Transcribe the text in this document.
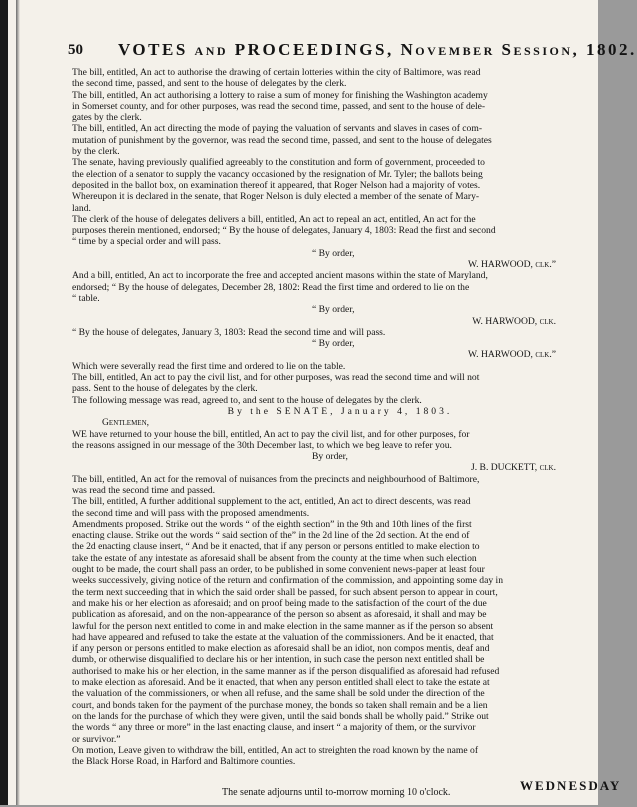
50 VOTES and PROCEEDINGS, November Session, 1802.
The bill, entitled, An act to authorise the drawing of certain lotteries within the city of Baltimore, was read
the second time, passed, and sent to the house of delegates by the clerk.
The bill, entitled, An act authorising a lottery to raise a sum of money for finishing the Washington academy
in Somerset county, and for other purposes, was read the second time, passed, and sent to the house of dele-
gates by the clerk.
The bill, entitled, An act directing the mode of paying the valuation of servants and slaves in cases of com-
mutation of punishment by the governor, was read the second time, passed, and sent to the house of delegates
by the clerk.
The senate, having previously qualified agreeably to the constitution and form of government, proceeded to
the election of a senator to supply the vacancy occasioned by the resignation of Mr. Tyler; the ballots being
deposited in the ballot box, on examination thereof it appeared, that Roger Nelson had a majority of votes.
Whereupon it is declared in the senate, that Roger Nelson is duly elected a member of the senate of Mary-
land.
The clerk of the house of delegates delivers a bill, entitled, An act to repeal an act, entitled, An act for the
purposes therein mentioned, endorsed; “ By the house of delegates, January 4, 1803: Read the first and second
“ time by a special order and will pass.
“ By order,
W. HARWOOD, clk.”
And a bill, entitled, An act to incorporate the free and accepted ancient masons within the state of Maryland,
endorsed; “ By the house of delegates, December 28, 1802: Read the first time and ordered to lie on the
“ table.
“ By order,
W. HARWOOD, clk.
“ By the house of delegates, January 3, 1803: Read the second time and will pass.
“ By order,
W. HARWOOD, clk.”
Which were severally read the first time and ordered to lie on the table.
The bill, entitled, An act to pay the civil list, and for other purposes, was read the second time and will not
pass. Sent to the house of delegates by the clerk.
The following message was read, agreed to, and sent to the house of delegates by the clerk.
By the SENATE, January 4, 1803.
Gentlemen,
WE have returned to your house the bill, entitled, An act to pay the civil list, and for other purposes, for
the reasons assigned in our message of the 30th December last, to which we beg leave to refer you.
By order,
J. B. DUCKETT, clk.
The bill, entitled, An act for the removal of nuisances from the precincts and neighbourhood of Baltimore,
was read the second time and passed.
The bill, entitled, A further additional supplement to the act, entitled, An act to direct descents, was read
the second time and will pass with the proposed amendments.
Amendments proposed. Strike out the words “ of the eighth section” in the 9th and 10th lines of the first
enacting clause. Strike out the words “ said section of the” in the 2d line of the 2d section. At the end of
the 2d enacting clause insert, “ And be it enacted, that if any person or persons entitled to make election to
take the estate of any intestate as aforesaid shall be absent from the county at the time when such election
ought to be made, the court shall pass an order, to be published in some convenient news-paper at least four
weeks successively, giving notice of the return and confirmation of the commission, and appointing some day in
the term next succeeding that in which the said order shall be passed, for such absent person to appear in court,
and make his or her election as aforesaid; and on proof being made to the satisfaction of the court of the due
publication as aforesaid, and on the non-appearance of the person so absent as aforesaid, it shall and may be
lawful for the person next entitled to come in and make election in the same manner as if the person so absent
had have appeared and refused to take the estate at the valuation of the commissioners. And be it enacted, that
if any person or persons entitled to make election as aforesaid shall be an idiot, non compos mentis, deaf and
dumb, or otherwise disqualified to declare his or her intention, in such case the person next entitled shall be
authorised to make his or her election, in the same manner as if the person disqualified as aforesaid had refused
to make election as aforesaid. And be it enacted, that when any person entitled shall elect to take the estate at
the valuation of the commissioners, or when all refuse, and the same shall be sold under the direction of the
court, and bonds taken for the payment of the purchase money, the bonds so taken shall remain and be a lien
on the lands for the purchase of which they were given, until the said bonds shall be wholly paid.” Strike out
the words “ any three or more” in the last enacting clause, and insert “ a majority of them, or the survivor
or survivor.”
On motion, Leave given to withdraw the bill, entitled, An act to streighten the road known by the name of
the Black Horse Road, in Harford and Baltimore counties.
The senate adjourns until to-morrow morning 10 o'clock.	WEDNESDAY
